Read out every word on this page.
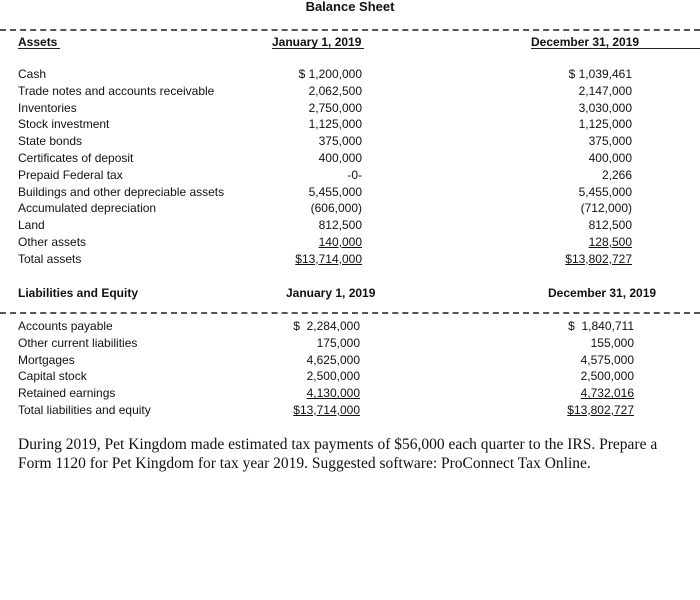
Balance Sheet
Assets	January 1, 2019	December 31, 2019
Cash	$ 1,200,000	$ 1,039,461
Trade notes and accounts receivable	2,062,500	2,147,000
Inventories	2,750,000	3,030,000
Stock investment	1,125,000	1,125,000
State bonds	375,000	375,000
Certificates of deposit	400,000	400,000
Prepaid Federal tax	-0-	2,266
Buildings and other depreciable assets	5,455,000	5,455,000
Accumulated depreciation	(606,000)	(712,000)
Land	812,500	812,500
Other assets	140,000	128,500
Total assets	$13,714,000	$13,802,727
Liabilities and Equity	January 1, 2019	December 31, 2019
Accounts payable	$  2,284,000	$  1,840,711
Other current liabilities	175,000	155,000
Mortgages	4,625,000	4,575,000
Capital stock	2,500,000	2,500,000
Retained earnings	4,130,000	4,732,016
Total liabilities and equity	$13,714,000	$13,802,727
During 2019, Pet Kingdom made estimated tax payments of $56,000 each quarter to the IRS. Prepare a Form 1120 for Pet Kingdom for tax year 2019. Suggested software: ProConnect Tax Online.
